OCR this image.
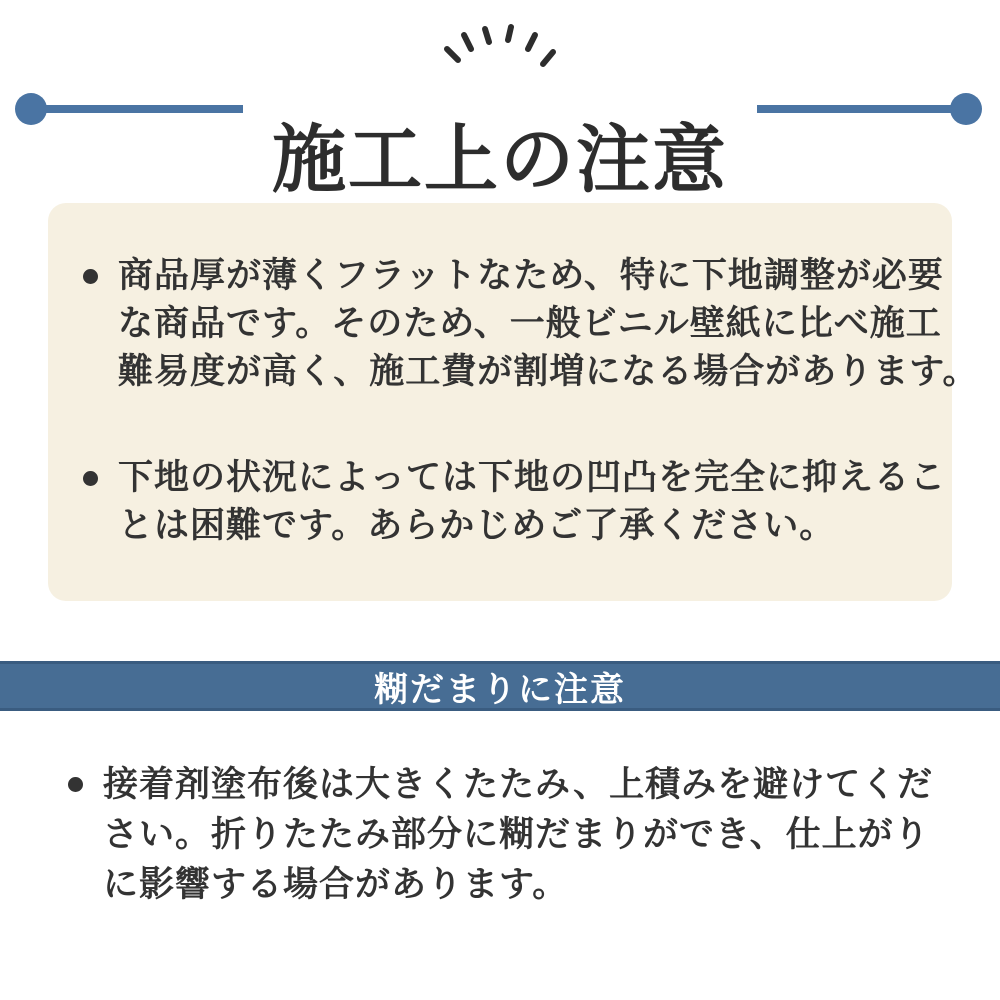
施工上の注意
商品厚が薄くフラットなため、特に下地調整が必要
な商品です。そのため、一般ビニル壁紙に比べ施工
難易度が高く、施工費が割増になる場合があります。
下地の状況によっては下地の凹凸を完全に抑えるこ
とは困難です。あらかじめご了承ください。
糊だまりに注意
接着剤塗布後は大きくたたみ、上積みを避けてくだ
さい。折りたたみ部分に糊だまりができ、仕上がり
に影響する場合があります。
